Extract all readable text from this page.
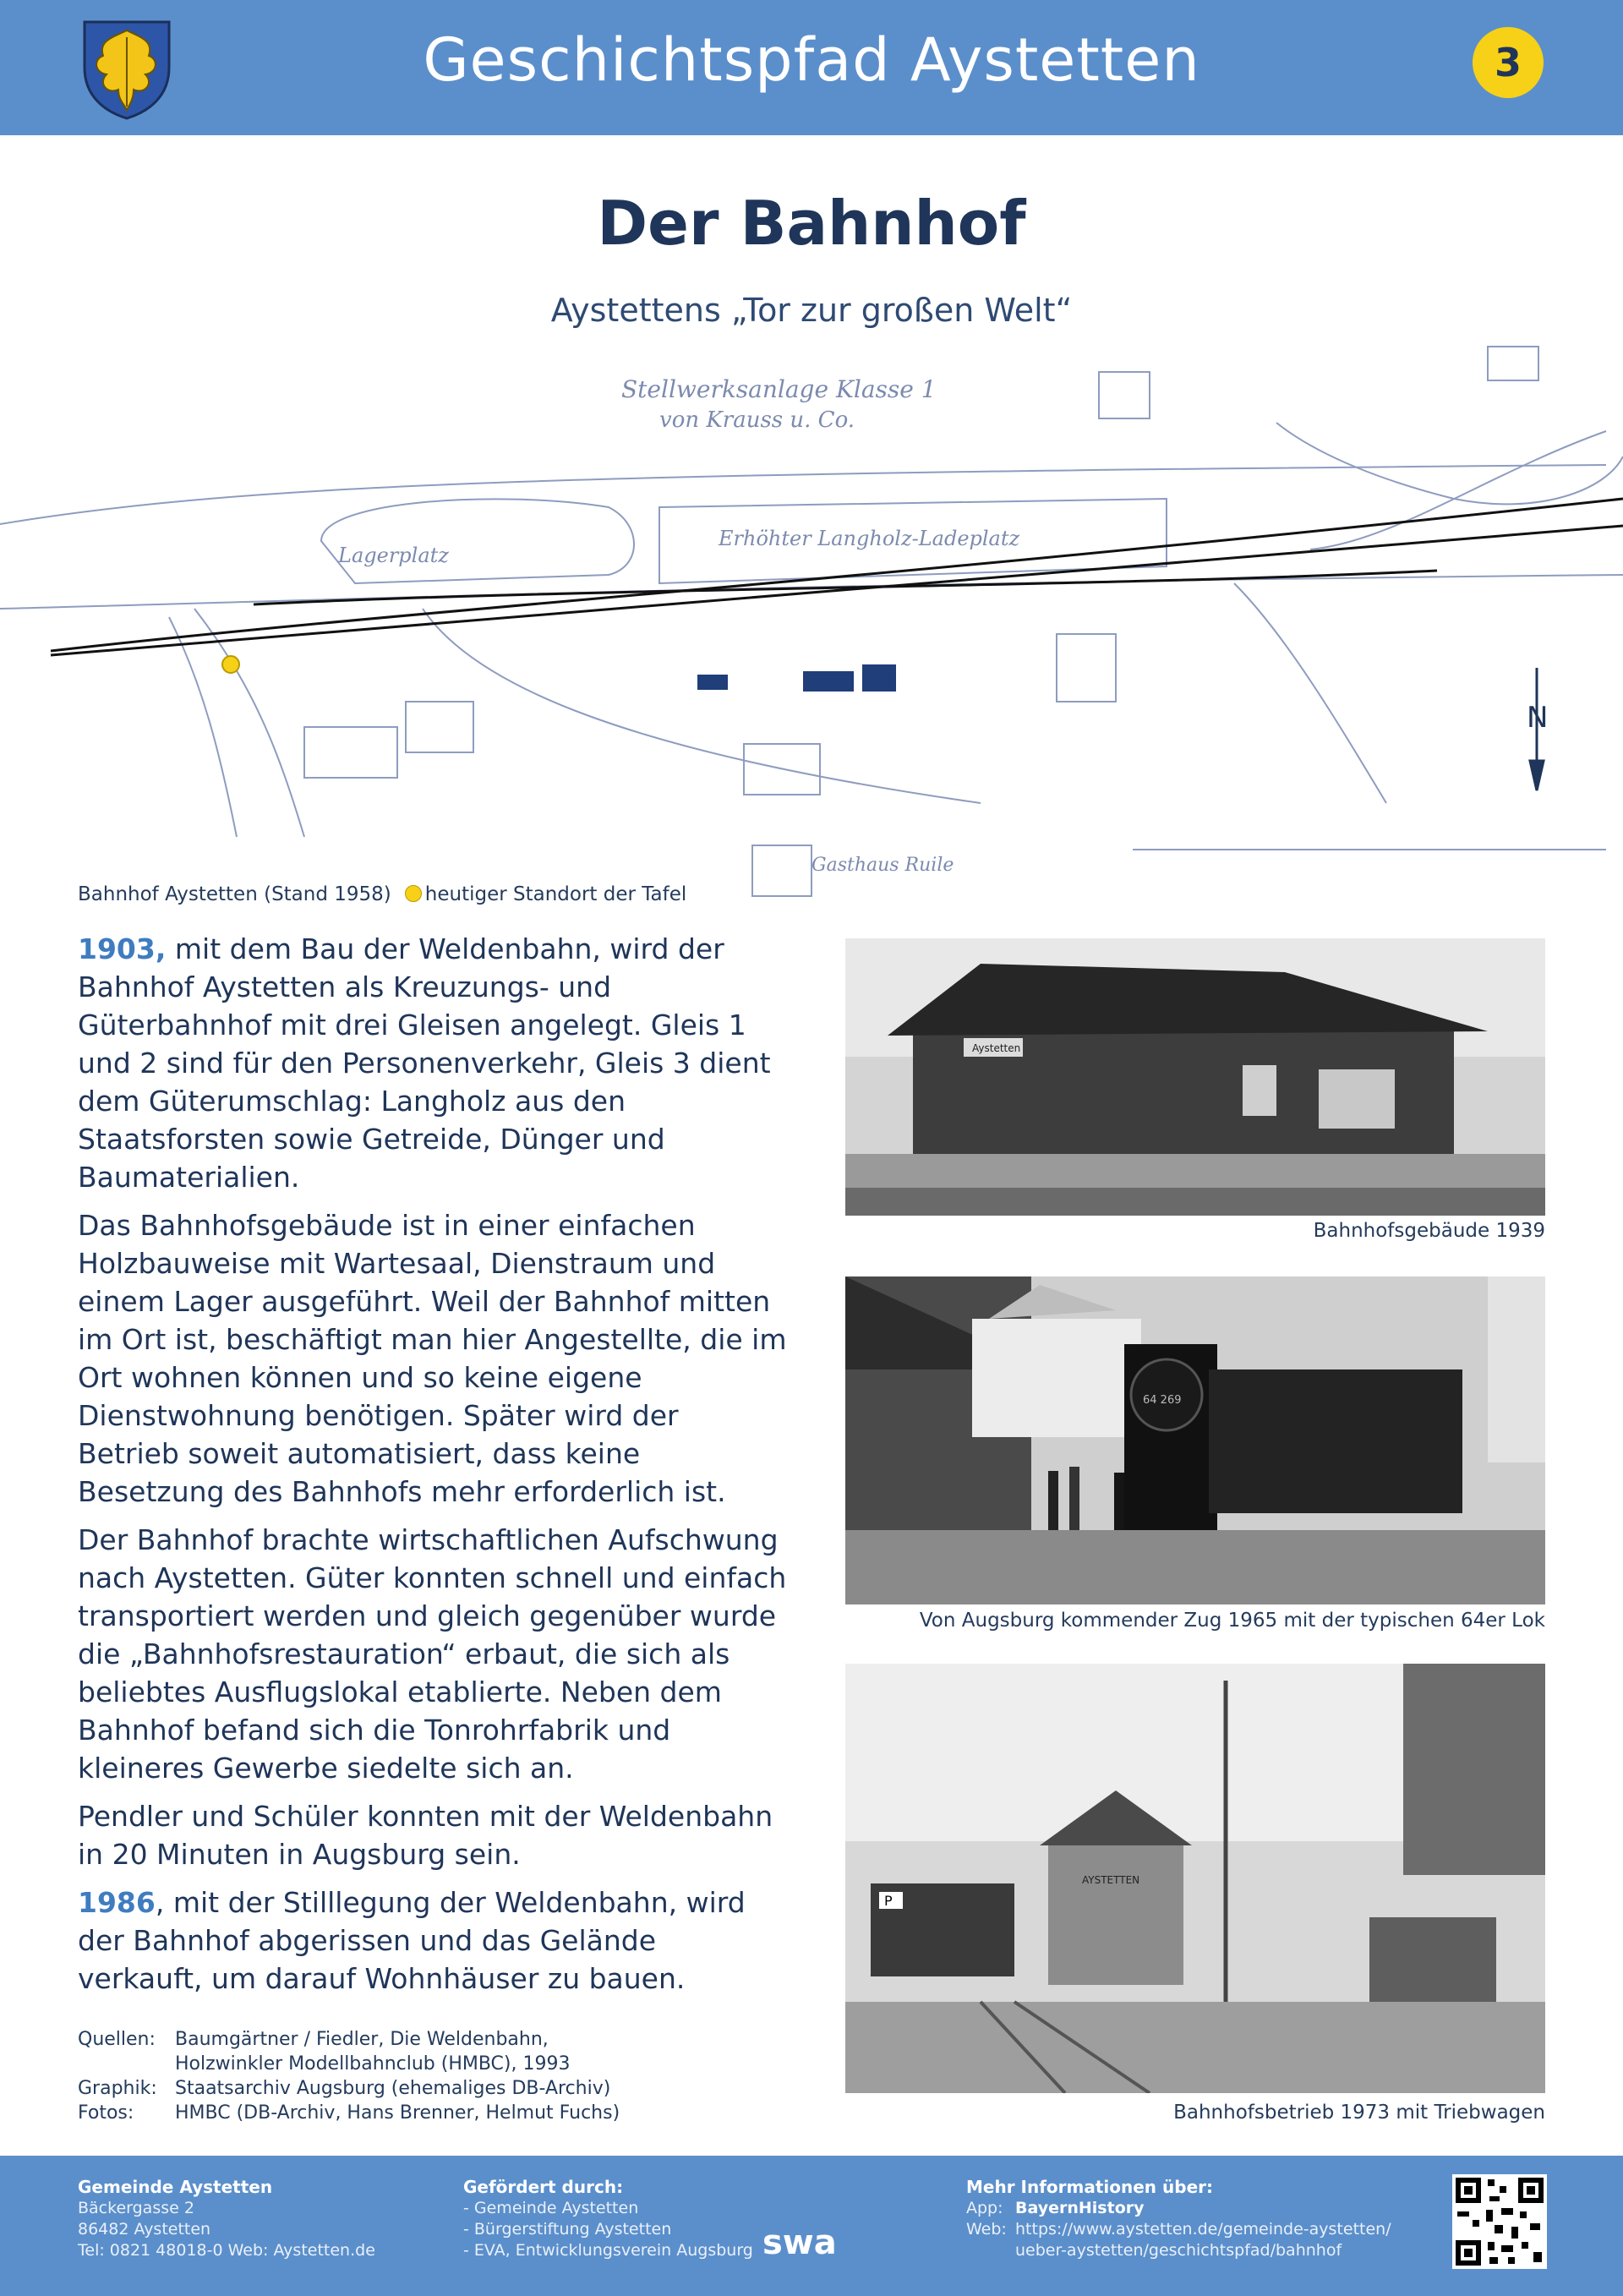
Geschichtspfad Aystetten	3
Der Bahnhof
Aystettens „Tor zur großen Welt“
Stellwerksanlage Klasse 1
von Krauss u. Co.
Lagerplatz
Erhöhter Langholz-Ladeplatz
Gasthaus Ruile
N
Bahnhof Aystetten (Stand 1958) heutiger Standort der Tafel

1903, mit dem Bau der Weldenbahn, wird der Bahnhof Aystetten als Kreuzungs- und Güterbahnhof mit drei Gleisen angelegt. Gleis 1 und 2 sind für den Personenverkehr, Gleis 3 dient dem Güterumschlag: Langholz aus den Staatsforsten sowie Getreide, Dünger und Baumaterialien.

Das Bahnhofsgebäude ist in einer einfachen Holzbauweise mit Wartesaal, Dienstraum und einem Lager ausgeführt. Weil der Bahnhof mitten im Ort ist, beschäftigt man hier Angestellte, die im Ort wohnen können und so keine eigene Dienstwohnung benötigen. Später wird der Betrieb soweit automatisiert, dass keine Besetzung des Bahnhofs mehr erforderlich ist.

Der Bahnhof brachte wirtschaftlichen Aufschwung nach Aystetten. Güter konnten schnell und einfach transportiert werden und gleich gegenüber wurde die „Bahnhofsrestauration“ erbaut, die sich als beliebtes Ausflugslokal etablierte. Neben dem Bahnhof befand sich die Tonrohrfabrik und kleineres Gewerbe siedelte sich an.

Pendler und Schüler konnten mit der Weldenbahn in 20 Minuten in Augsburg sein.

1986, mit der Stilllegung der Weldenbahn, wird der Bahnhof abgerissen und das Gelände verkauft, um darauf Wohnhäuser zu bauen.

Aystetten
Bahnhofsgebäude 1939
64 269
Von Augsburg kommender Zug 1965 mit der typischen 64er Lok
P
AYSTETTEN
Bahnhofsbetrieb 1973 mit Triebwagen
Quellen:	Baumgärtner / Fiedler, Die Weldenbahn,
Holzwinkler Modellbahnclub (HMBC), 1993
Graphik: Staatsarchiv Augsburg (ehemaliges DB-Archiv)
Fotos:	HMBC (DB-Archiv, Hans Brenner, Helmut Fuchs)
Gemeinde Aystetten
Bäckergasse 2
86482 Aystetten
Tel: 0821 48018-0 Web: Aystetten.de
Gefördert durch:
- Gemeinde Aystetten
- Bürgerstiftung Aystetten
- EVA, Entwicklungsverein Augsburg swa
Mehr Informationen über:
App: BayernHistory
Web: https://www.aystetten.de/gemeinde-aystetten/
ueber-aystetten/geschichtspfad/bahnhof
